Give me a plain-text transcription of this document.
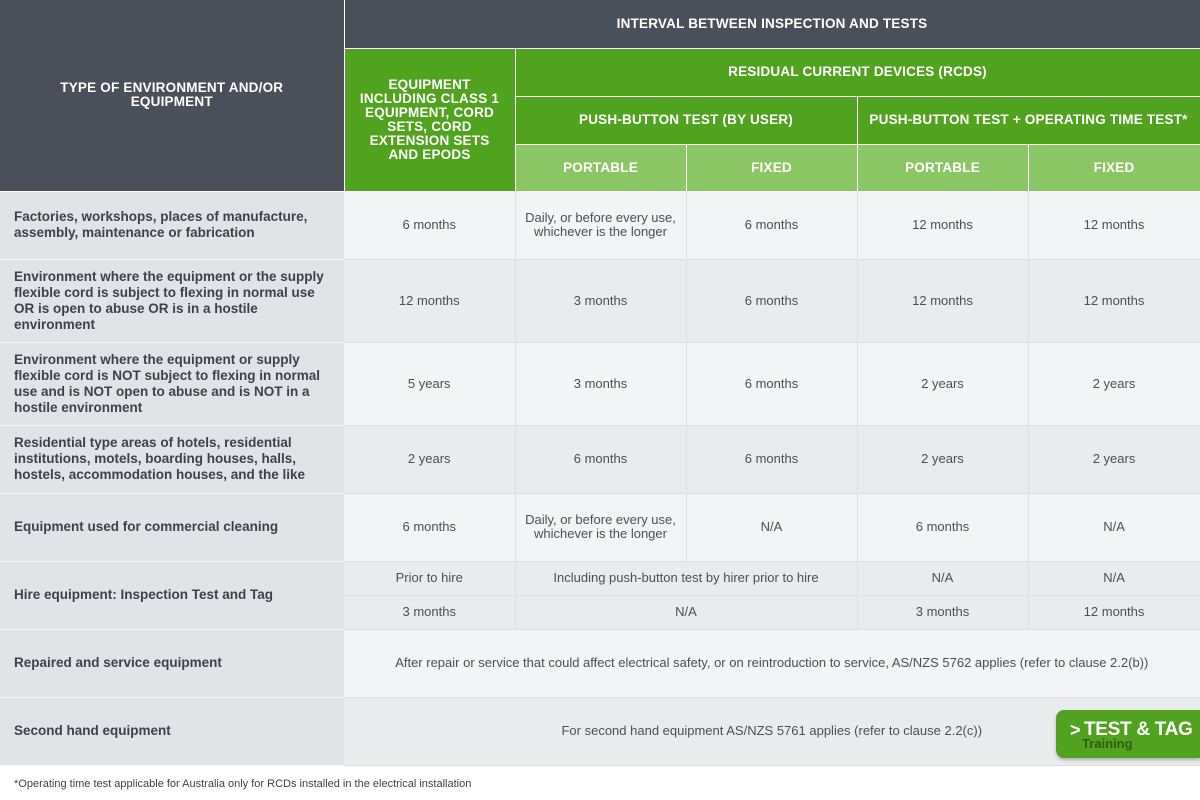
TYPE OF ENVIRONMENT AND/OR EQUIPMENT	INTERVAL BETWEEN INSPECTION AND TESTS				
	EQUIPMENT INCLUDING CLASS 1 EQUIPMENT, CORD SETS, CORD EXTENSION SETS AND EPODS	RESIDUAL CURRENT DEVICES (RCDS)			
		PUSH-BUTTON TEST (BY USER)		PUSH-BUTTON TEST + OPERATING TIME TEST*	
		PORTABLE	FIXED	PORTABLE	FIXED
Factories, workshops, places of manufacture, assembly, maintenance or fabrication	6 months	Daily, or before every use, whichever is the longer	6 months	12 months	12 months
Environment where the equipment or the supply flexible cord is subject to flexing in normal use OR is open to abuse OR is in a hostile environment	12 months	3 months	6 months	12 months	12 months
Environment where the equipment or supply flexible cord is NOT subject to flexing in normal use and is NOT open to abuse and is NOT in a hostile environment	5 years	3 months	6 months	2 years	2 years
Residential type areas of hotels, residential institutions, motels, boarding houses, halls, hostels, accommodation houses, and the like	2 years	6 months	6 months	2 years	2 years
Equipment used for commercial cleaning	6 months	Daily, or before every use, whichever is the longer	N/A	6 months	N/A
Hire equipment: Inspection Test and Tag	Prior to hire	Including push-button test by hirer prior to hire		N/A	N/A
	3 months	N/A		3 months	12 months
Repaired and service equipment	After repair or service that could affect electrical safety, or on reintroduction to service, AS/NZS 5762 applies (refer to clause 2.2(b))				
Second hand equipment	For second hand equipment AS/NZS 5761 applies (refer to clause 2.2(c))				
*Operating time test applicable for Australia only for RCDs installed in the electrical installation
> TEST & TAG
Training
